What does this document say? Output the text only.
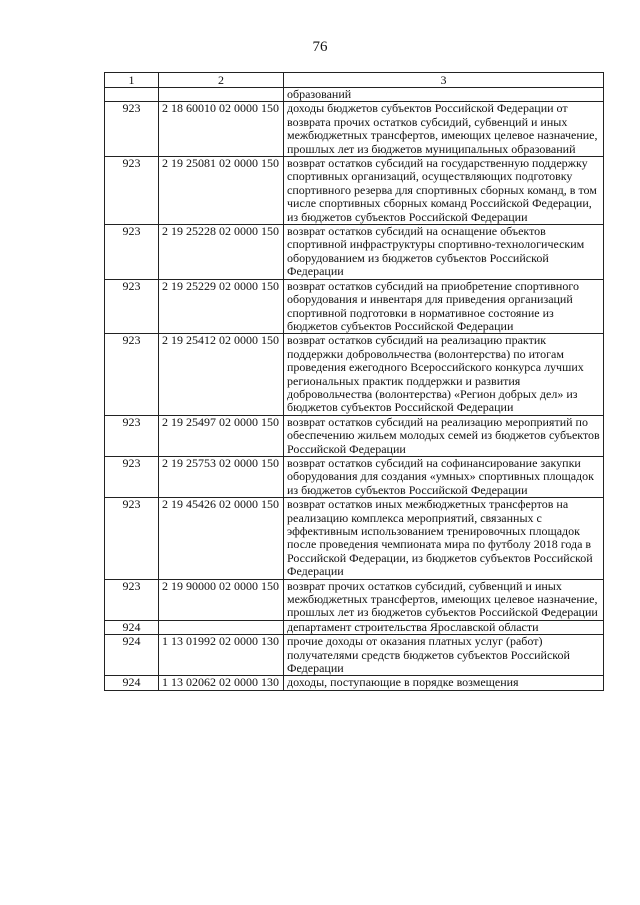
76
1	2	3
		образований
923	2 18 60010 02 0000 150	доходы бюджетов субъектов Российской Федерации от возврата прочих остатков субсидий, субвенций и иных межбюджетных трансфертов, имеющих целевое назначение, прошлых лет из бюджетов муниципальных образований
923	2 19 25081 02 0000 150	возврат остатков субсидий на государственную поддержку спортивных организаций, осуществляющих подготовку спортивного резерва для спортивных сборных команд, в том числе спортивных сборных команд Российской Федерации, из бюджетов субъектов Российской Федерации
923	2 19 25228 02 0000 150	возврат остатков субсидий на оснащение объектов спортивной инфраструктуры спортивно-технологическим оборудованием из бюджетов субъектов Российской Федерации
923	2 19 25229 02 0000 150	возврат остатков субсидий на приобретение спортивного оборудования и инвентаря для приведения организаций спортивной подготовки в нормативное состояние из бюджетов субъектов Российской Федерации
923	2 19 25412 02 0000 150	возврат остатков субсидий на реализацию практик поддержки добровольчества (волонтерства) по итогам проведения ежегодного Всероссийского конкурса лучших региональных практик поддержки и развития добровольчества (волонтерства) «Регион добрых дел» из бюджетов субъектов Российской Федерации
923	2 19 25497 02 0000 150	возврат остатков субсидий на реализацию мероприятий по обеспечению жильем молодых семей из бюджетов субъектов Российской Федерации
923	2 19 25753 02 0000 150	возврат остатков субсидий на софинансирование закупки оборудования для создания «умных» спортивных площадок из бюджетов субъектов Российской Федерации
923	2 19 45426 02 0000 150	возврат остатков иных межбюджетных трансфертов на реализацию комплекса мероприятий, связанных с эффективным использованием тренировочных площадок после проведения чемпионата мира по футболу 2018 года в Российской Федерации, из бюджетов субъектов Российской Федерации
923	2 19 90000 02 0000 150	возврат прочих остатков субсидий, субвенций и иных межбюджетных трансфертов, имеющих целевое назначение, прошлых лет из бюджетов субъектов Российской Федерации
924		департамент строительства Ярославской области
924	1 13 01992 02 0000 130	прочие доходы от оказания платных услуг (работ) получателями средств бюджетов субъектов Российской Федерации
924	1 13 02062 02 0000 130	доходы, поступающие в порядке возмещения
